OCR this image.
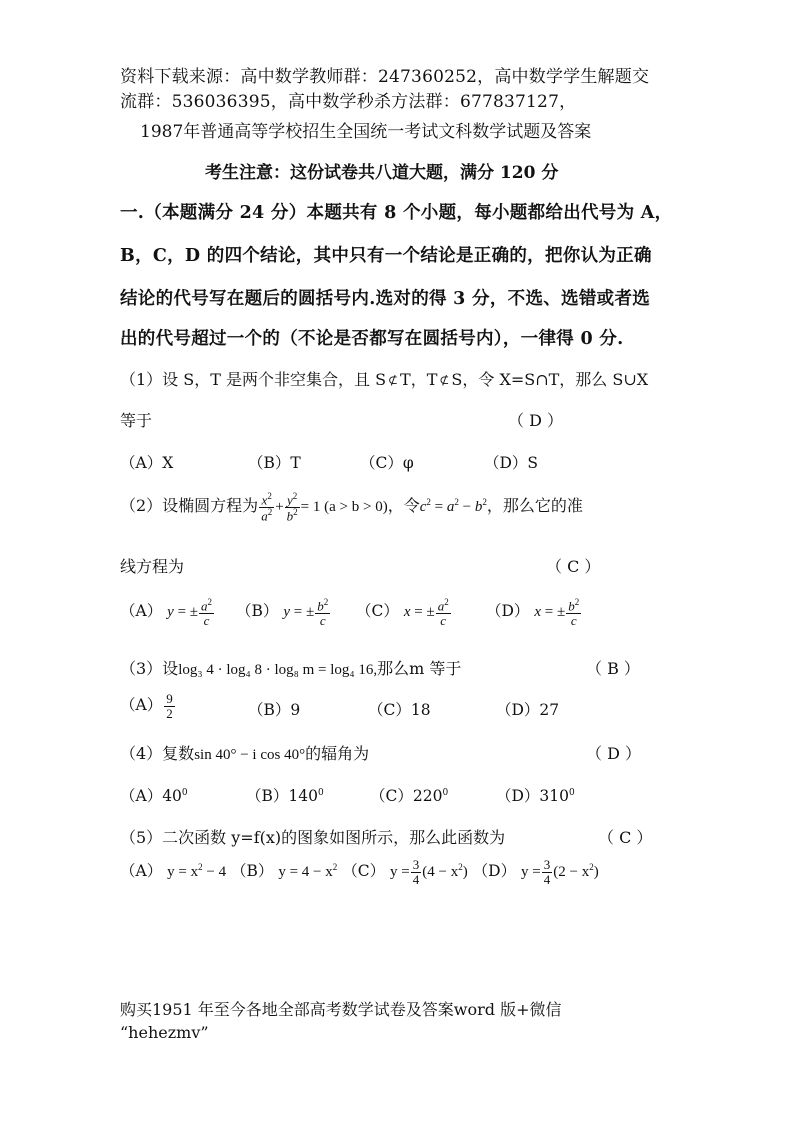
资料下载来源：高中数学教师群：247360252，高中数学学生解题交
流群：536036395，高中数学秒杀方法群：677837127，
1987年普通高等学校招生全国统一考试文科数学试题及答案
考生注意：这份试卷共八道大题，满分 120 分
一.（本题满分 24 分）本题共有 8 个小题，每小题都给出代号为 A，
B，C，D 的四个结论，其中只有一个结论是正确的，把你认为正确
结论的代号写在题后的圆括号内.选对的得 3 分，不选、选错或者选
出的代号超过一个的（不论是否都写在圆括号内），一律得 0 分.
（1）设 S，T 是两个非空集合，且 S ⊄ T，T ⊄ S，令 X=S∩T，那么 S∪X
等于	（ D ）
（A）X	（B）T	（C）φ	（D）S
（2）设椭圆方程为 $\frac{x^2}{a^2} + \frac{y^2}{b^2} = 1$ (a > b > 0)，令$c^2 = a^2 - b^2$，那么它的准
线方程为	（ C ）
（A） y = ± $\frac{a^2}{c} (B) y$ = ± $\frac{b^2}{c} (C) x$ = ± $\frac{a^2}{c} (D) x$ = ± $\frac{b^2}{c}$
（3）设log₃ 4 · log₄ 8 · log₈ m = log₄ 16,那么m 等于	（ B ）
$(A) \frac{9}{2}$	（B）9	（C）18	（D）27
（4）复数sin 40° − i cos 40°的辐角为	（ D ）
$(A)40^0$	$(B)140^0$	$(C)220^0$	$(D)310^0$
（5）二次函数 y=f(x)的图象如图所示，那么此函数为	（ C ）
（A） $y = x^2 - 4$ （B） $y = 4 - x^2$ （C） $y = \frac{3}{4} (4 - x^2)$ （D） $y = \frac{3}{4} (2 - x^2)$
购买1951 年至今各地全部高考数学试卷及答案word 版+微信
“hehezmv”
